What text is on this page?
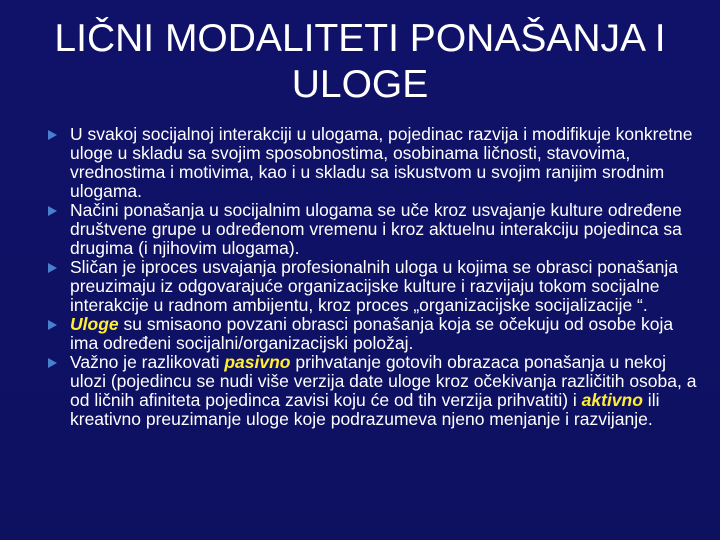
LIČNI MODALITETI PONAŠANJA I
ULOGE
U svakoj socijalnoj interakciji u ulogama, pojedinac razvija i modifikuje konkretne uloge u skladu sa svojim sposobnostima, osobinama ličnosti, stavovima, vrednostima i motivima, kao i u skladu sa iskustvom u svojim ranijim srodnim ulogama.
Načini ponašanja u socijalnim ulogama se uče kroz usvajanje kulture određene društvene grupe u određenom vremenu i kroz aktuelnu interakciju pojedinca sa drugima (i njihovim ulogama).
Sličan je iproces usvajanja profesionalnih uloga u kojima se obrasci ponašanja preuzimaju iz odgovarajuće organizacijske kulture i razvijaju tokom socijalne interakcije u radnom ambijentu, kroz proces „organizacijske socijalizacije “.
Uloge su smisaono povzani obrasci ponašanja koja se očekuju od osobe koja ima određeni socijalni/organizacijski položaj.
Važno je razlikovati pasivno prihvatanje gotovih obrazaca ponašanja u nekoj ulozi (pojedincu se nudi više verzija date uloge kroz očekivanja različitih osoba, a od ličnih afiniteta pojedinca zavisi koju će od tih verzija prihvatiti) i aktivno ili kreativno preuzimanje uloge koje podrazumeva njeno menjanje i razvijanje.
